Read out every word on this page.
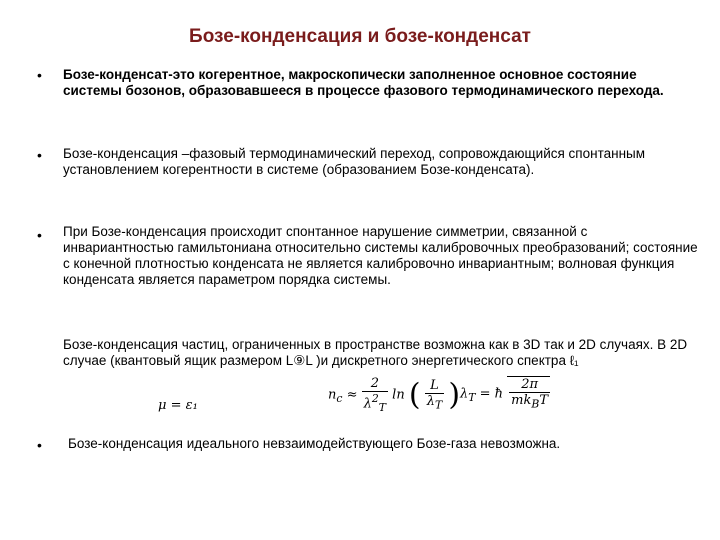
Бозе-конденсация и бозе-конденсат
• Бозе-конденсат-это когерентное, макроскопически заполненное основное состояние системы бозонов, образовавшееся в процессе фазового термодинамического перехода.
• Бозе-конденсация –фазовый термодинамический переход, сопровождающийся спонтанным установлением когерентности в системе (образованием Бозе-конденсата).
• При Бозе-конденсация происходит спонтанное нарушение симметрии, связанной с инвариантностью гамильтониана относительно системы калибровочных преобразований; состояние с конечной плотностью конденсата не является калибровочно инвариантным; волновая функция конденсата является параметром порядка системы.
Бозе-конденсация частиц, ограниченных в пространстве возможна как в 3D так и 2D случаях. В 2D случае (квантовый ящик размером L⑨L )и дискретного энергетического спектра ℓ₁
μ = ε₁
$n_c \approx \frac{2}{\lambda^2_T}$ ln ( $\frac{L}{\lambda_T}$ ) $\lambda_T$ = ħ $\frac{2\pi}{mk_BT}$
• Бозе-конденсация идеального невзаимодействующего Бозе-газа невозможна.
